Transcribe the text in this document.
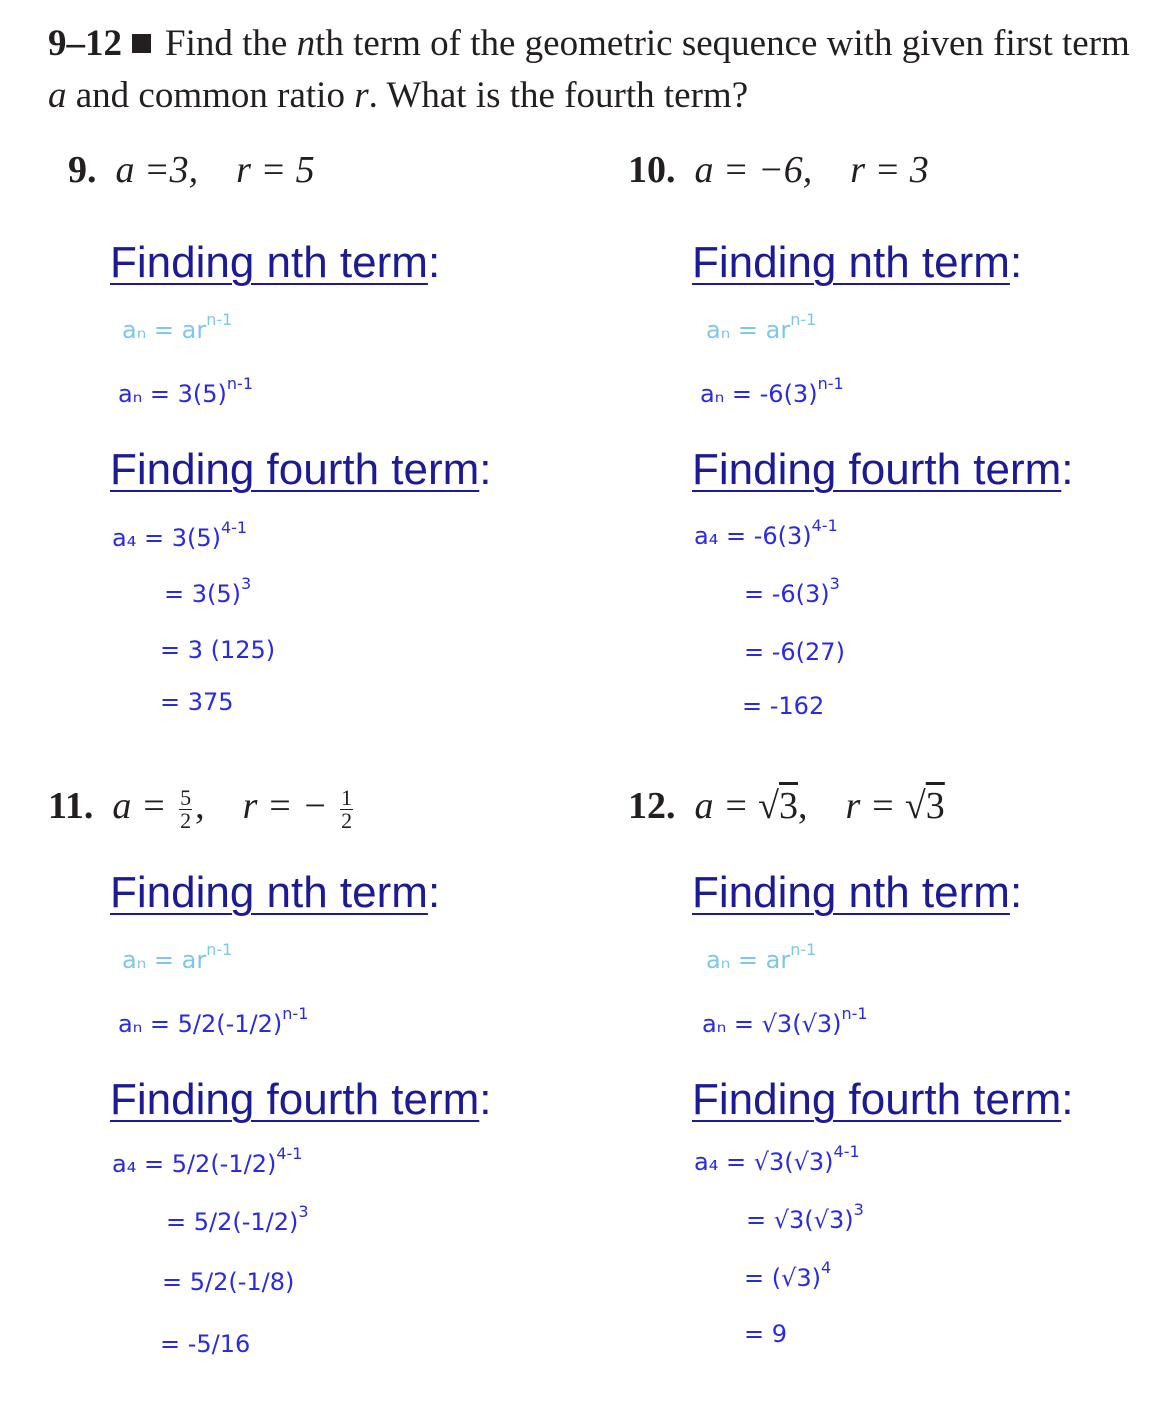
9–12 Find the nth term of the geometric sequence with given first term a and common ratio r. What is the fourth term?
9. a =3, r = 5
Finding nth term:
$a_n = ar^{n-1}$
$a_n = 3(5)^{n-1}$
Finding fourth term:
$a_4 = 3(5)^{4-1}$
= $3(5)^3$
= 3 (125)
= 375
10. a = −6, r = 3
Finding nth term:
$a_n = ar^{n-1}$
$a_n = -6(3)^{n-1}$
Finding fourth term:
$a_4 = -6(3)^{4-1}$
= $-6(3)^3$
= -6(27)
= -162
11. $a = \frac{5}{2}$ , r = − $\frac{1}{2}$
Finding nth term:
$a_n = ar^{n-1}$
$a_n = 5/2(-1/2)^{n-1}$
Finding fourth term:
$a_4 = 5/2(-1/2)^{4-1}$
= $5/2(-1/2)^3$
= 5/2(-1/8)
= -5/16
12. a = √3, r = √3
Finding nth term:
$a_n = ar^{n-1}$
$a_n = √3(√3)^{n-1}$
Finding fourth term:
$a_4 = √3(√3)^{4-1}$
= $√3(√3)^3$
= $(√3)^4$
= 9
